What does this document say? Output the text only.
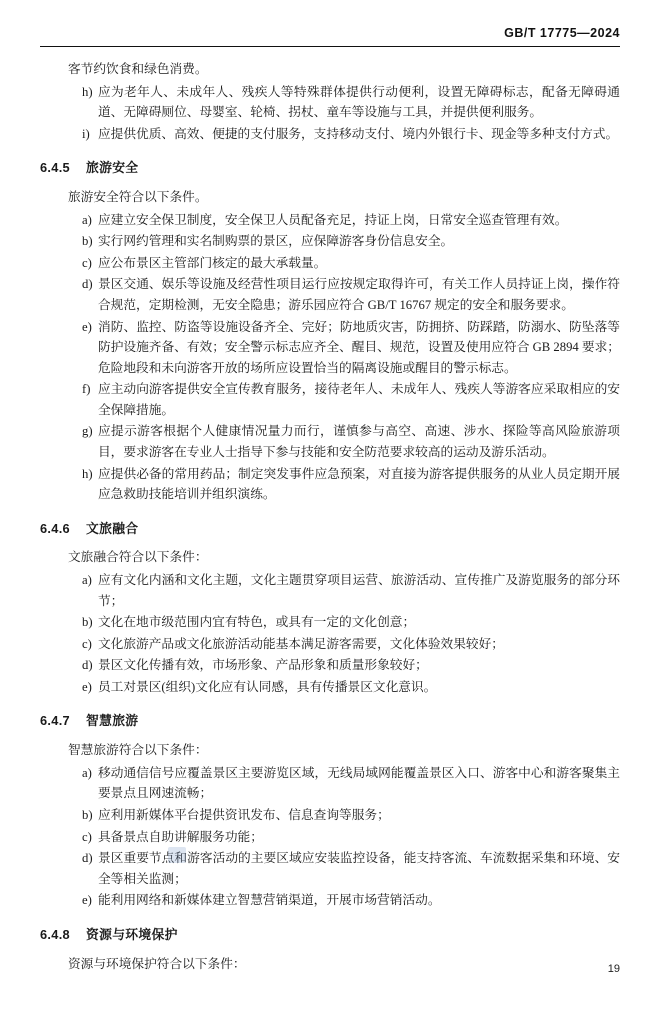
GB/T 17775—2024
客节约饮食和绿色消费。
h) 应为老年人、未成年人、残疾人等特殊群体提供行动便利，设置无障碍标志，配备无障碍通道、无障碍厕位、母婴室、轮椅、拐杖、童车等设施与工具，并提供便利服务。
i) 应提供优质、高效、便捷的支付服务，支持移动支付、境内外银行卡、现金等多种支付方式。
6.4.5 旅游安全
旅游安全符合以下条件。
a) 应建立安全保卫制度，安全保卫人员配备充足，持证上岗，日常安全巡查管理有效。
b) 实行网约管理和实名制购票的景区，应保障游客身份信息安全。
c) 应公布景区主管部门核定的最大承载量。
d) 景区交通、娱乐等设施及经营性项目运行应按规定取得许可，有关工作人员持证上岗，操作符合规范，定期检测，无安全隐患；游乐园应符合 GB/T 16767 规定的安全和服务要求。
e) 消防、监控、防盗等设施设备齐全、完好；防地质灾害，防拥挤、防踩踏，防溺水、防坠落等防护设施齐备、有效；安全警示标志应齐全、醒目、规范，设置及使用应符合 GB 2894 要求；危险地段和未向游客开放的场所应设置恰当的隔离设施或醒目的警示标志。
f) 应主动向游客提供安全宣传教育服务，接待老年人、未成年人、残疾人等游客应采取相应的安全保障措施。
g) 应提示游客根据个人健康情况量力而行，谨慎参与高空、高速、涉水、探险等高风险旅游项目，要求游客在专业人士指导下参与技能和安全防范要求较高的运动及游乐活动。
h) 应提供必备的常用药品；制定突发事件应急预案，对直接为游客提供服务的从业人员定期开展应急救助技能培训并组织演练。
6.4.6 文旅融合
文旅融合符合以下条件：
a) 应有文化内涵和文化主题，文化主题贯穿项目运营、旅游活动、宣传推广及游览服务的部分环节；
b) 文化在地市级范围内宜有特色，或具有一定的文化创意；
c) 文化旅游产品或文化旅游活动能基本满足游客需要，文化体验效果较好；
d) 景区文化传播有效，市场形象、产品形象和质量形象较好；
e) 员工对景区(组织)文化应有认同感，具有传播景区文化意识。
6.4.7 智慧旅游
智慧旅游符合以下条件：
a) 移动通信信号应覆盖景区主要游览区域，无线局域网能覆盖景区入口、游客中心和游客聚集主要景点且网速流畅；
b) 应利用新媒体平台提供资讯发布、信息查询等服务；
c) 具备景点自助讲解服务功能；
d) 景区重要节点和游客活动的主要区域应安装监控设备，能支持客流、车流数据采集和环境、安全等相关监测；
e) 能利用网络和新媒体建立智慧营销渠道，开展市场营销活动。
6.4.8 资源与环境保护
资源与环境保护符合以下条件：	19
